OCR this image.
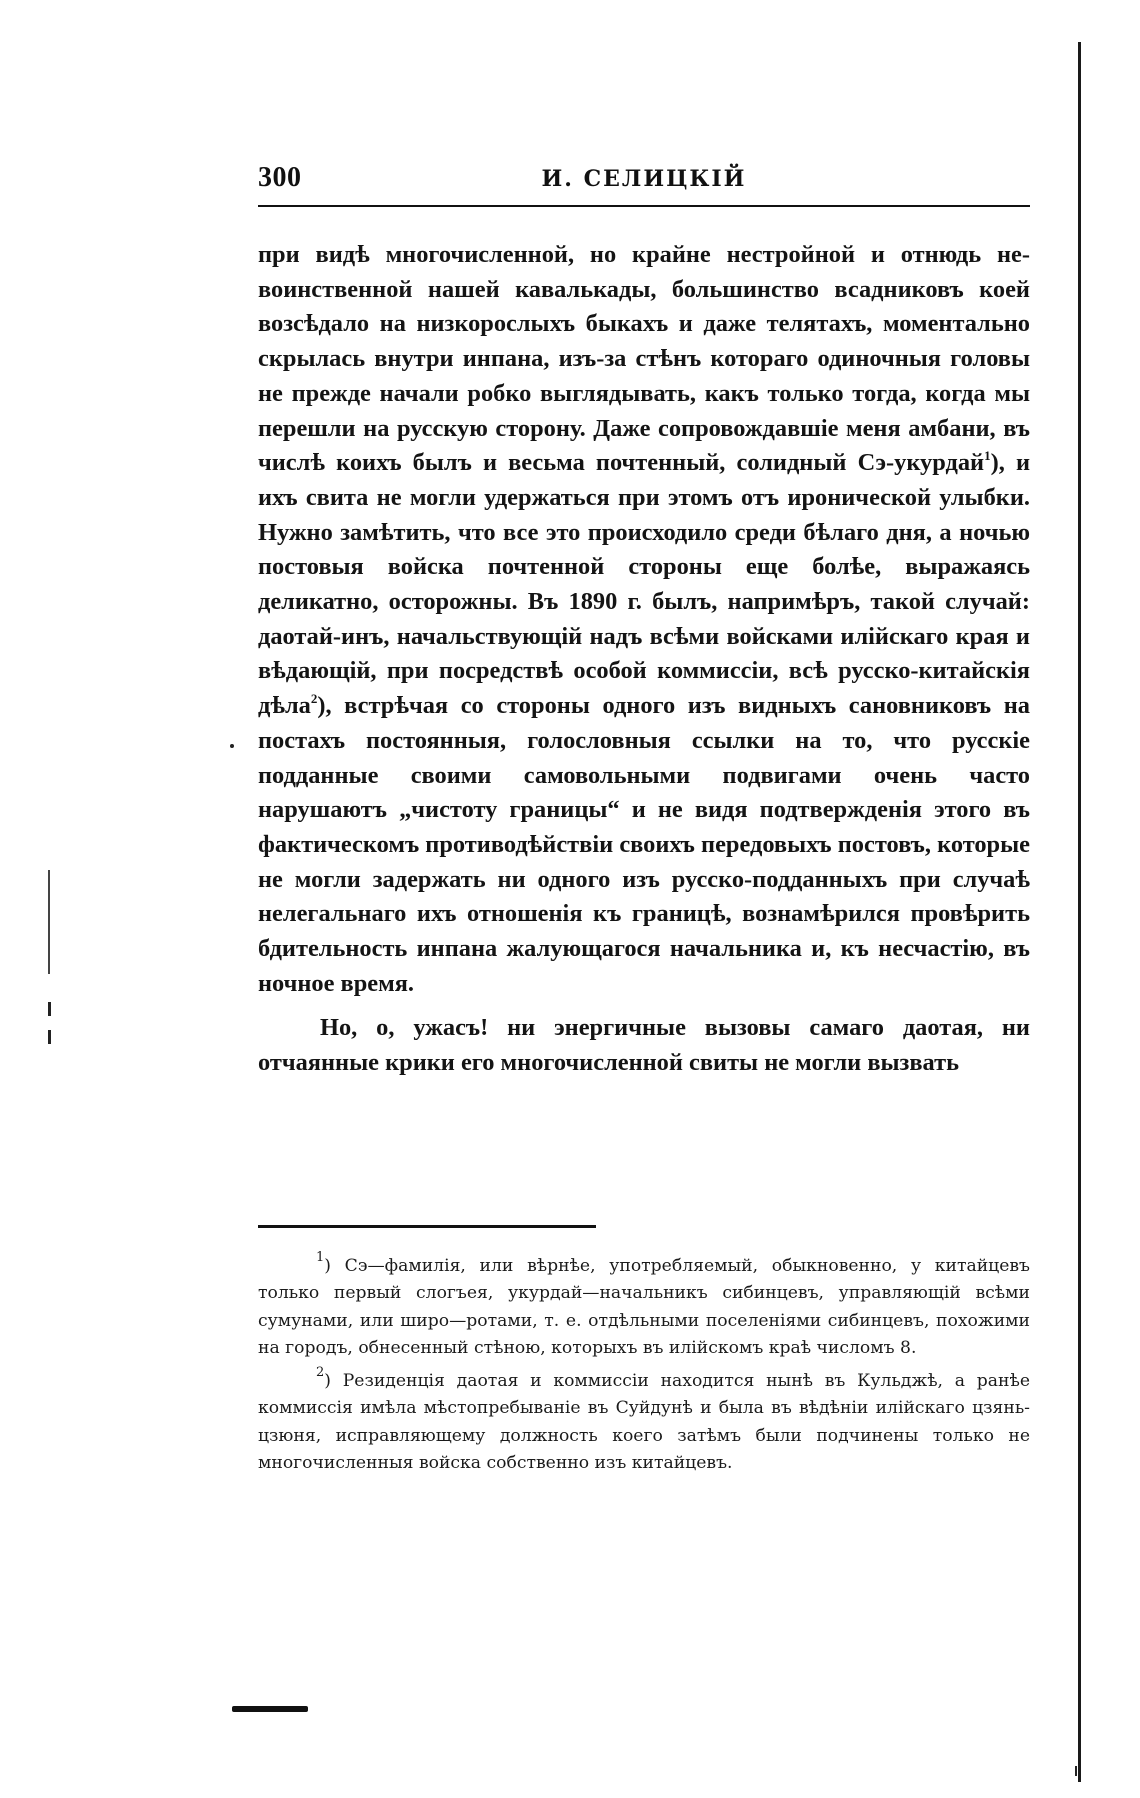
300	И. СЕЛИЦКІЙ

при видѣ многочисленной, но крайне нестройной и отнюдь невоинственной нашей кавалькады, большинство всадниковъ коей возсѣдало на низкорослыхъ быкахъ и даже телятахъ, моментально скрылась внутри инпана, изъ-за стѣнъ котораго одиночныя головы не прежде начали робко выглядывать, какъ только тогда, когда мы перешли на русскую сторону. Даже сопровождавшіе меня амбани, въ числѣ коихъ былъ и весьма почтенный, солидный Сэ-укурдай$^1$), и ихъ свита не могли удержаться при этомъ отъ иронической улыбки. Нужно замѣтить, что все это происходило среди бѣлаго дня, а ночью постовыя войска почтенной стороны еще болѣе, выражаясь деликатно, осторожны. Въ 1890 г. былъ, напримѣръ, такой случай: даотай-инъ, начальствующій надъ всѣми войсками илійскаго края и вѣдающій, при посредствѣ особой коммиссіи, всѣ русско-китайскія дѣла$^2$), встрѣчая со стороны одного изъ видныхъ сановниковъ на постахъ постоянныя, голословныя ссылки на то, что русскіе подданные своими самовольными подвигами очень часто нарушаютъ „чистоту границы“ и не видя подтвержденія этого въ фактическомъ противодѣйствіи своихъ передовыхъ постовъ, которые не могли задержать ни одного изъ русско-подданныхъ при случаѣ нелегальнаго ихъ отношенія къ границѣ, вознамѣрился провѣрить бдительность инпана жалующагося начальника и, къ несчастію, въ ночное время.

Но, о, ужасъ! ни энергичные вызовы самаго даотая, ни отчаянные крики его многочисленной свиты не могли вызвать

$^1$) Сэ—фамилія, или вѣрнѣе, употребляемый, обыкновенно, у китайцевъ только первый слогъея, укурдай—начальникъ сибинцевъ, управляющій всѣми сумунами, или широ—ротами, т. е. отдѣльными поселеніями сибинцевъ, похожими на городъ, обнесенный стѣною, которыхъ въ илійскомъ краѣ числомъ 8.

$^2$) Резиденція даотая и коммиссіи находится нынѣ въ Кульджѣ, а ранѣе коммиссія имѣла мѣстопребываніе въ Суйдунѣ и была въ вѣдѣніи илійскаго цзянь-цзюня, исправляющему должность коего затѣмъ были подчинены только не многочисленныя войска собственно изъ китайцевъ.
